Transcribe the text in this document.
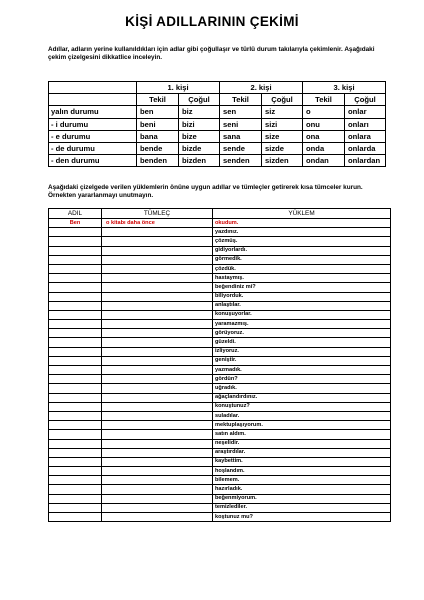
KİŞİ ADILLARININ ÇEKİMİ
Adıllar, adların yerine kullanıldıkları için adlar gibi çoğullaşır ve türlü durum takılarıyla çekimlenir. Aşağıdaki çekim çizelgesini dikkatlice inceleyin.
	1. kişi		2. kişi		3. kişi	
	Tekil	Çoğul	Tekil	Çoğul	Tekil	Çoğul
yalın durumu	ben	biz	sen	siz	o	onlar
- i durumu	beni	bizi	seni	sizi	onu	onları
- e durumu	bana	bize	sana	size	ona	onlara
- de durumu	bende	bizde	sende	sizde	onda	onlarda
- den durumu	benden	bizden	senden	sizden	ondan	onlardan
Aşağıdaki çizelgede verilen yüklemlerin önüne uygun adıllar ve tümleçler getirerek kısa tümceler kurun. Örnekten yararlanmayı unutmayın.
ADIL	TÜMLEÇ	YÜKLEM
Ben	o kitabı daha önce	okudum.
		yazdınız.
		çözmüş.
		gidiyorlardı.
		görmedik.
		çözdük.
		hastaymış.
		beğendiniz mi?
		biliyorduk.
		anlaştılar.
		konuşuyorlar.
		yaramazmış.
		görüyoruz.
		güzeldi.
		izliyoruz.
		geniştir.
		yazmadık.
		gördün?
		uğradık.
		ağaçlandırdınız.
		konuştunuz?
		suladılar.
		mektuplaşıyorum.
		satın aldım.
		neşelidir.
		araştırdılar.
		kaybettim.
		hoşlandım.
		bilemem.
		hazırladık.
		beğenmiyorum.
		temizlediler.
		koştunuz mu?
